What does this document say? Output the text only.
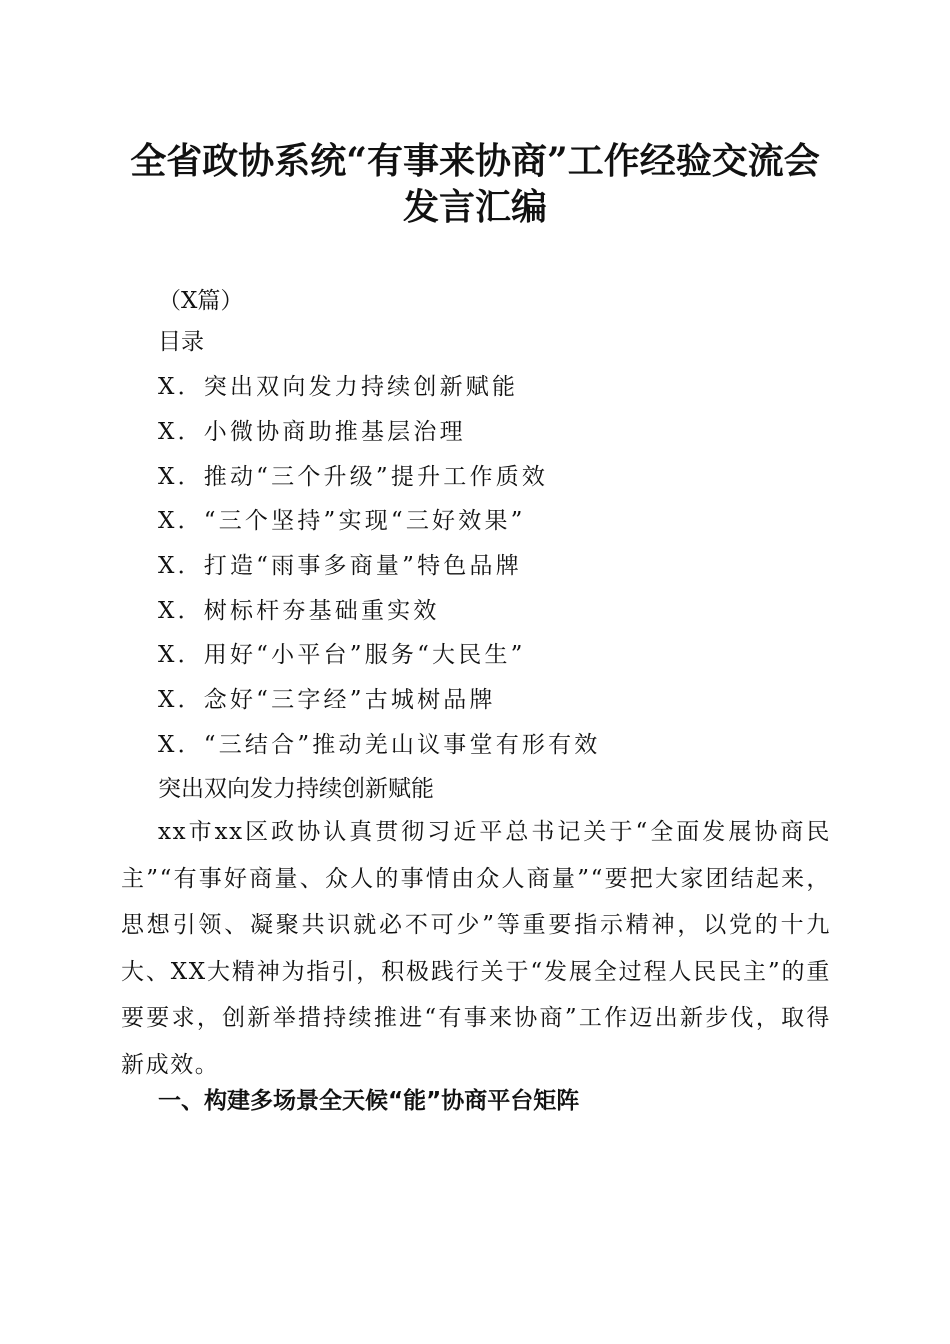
全省政协系统“有事来协商”工作经验交流会
发言汇编

（X篇）

目录

X．突出双向发力持续创新赋能

X．小微协商助推基层治理

X．推动“三个升级”提升工作质效

X．“三个坚持”实现“三好效果”

X．打造“雨事多商量”特色品牌

X．树标杆夯基础重实效

X．用好“小平台”服务“大民生”

X．念好“三字经”古城树品牌

X．“三结合”推动羌山议事堂有形有效

突出双向发力持续创新赋能

xx市xx区政协认真贯彻习近平总书记关于“全面发展协商民主”“有事好商量、众人的事情由众人商量”“要把大家团结起来，思想引领、凝聚共识就必不可少”等重要指示精神，以党的十九大、XX大精神为指引，积极践行关于“发展全过程人民民主”的重要要求，创新举措持续推进“有事来协商”工作迈出新步伐，取得新成效。

一、构建多场景全天候“能”协商平台矩阵
